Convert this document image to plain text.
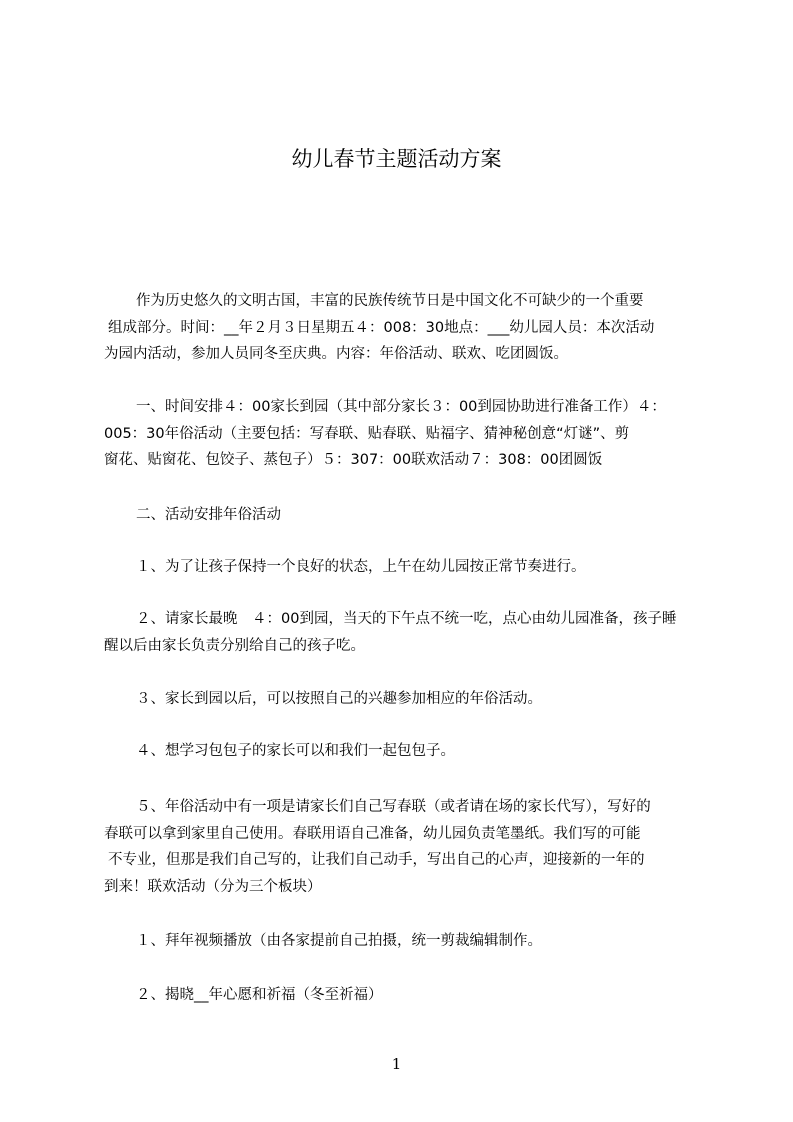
幼儿春节主题活动方案

作为历史悠久的文明古国，丰富的民族传统节日是中国文化不可缺少的一个重要
组成部分。时间：__年２月３日星期五４：008：30地点：___幼儿园人员：本次活动
为园内活动，参加人员同冬至庆典。内容：年俗活动、联欢、吃团圆饭。

一、时间安排４：00家长到园（其中部分家长３：00到园协助进行准备工作）４：
005：30年俗活动（主要包括：写春联、贴春联、贴福字、猜神秘创意“灯谜”、剪
窗花、贴窗花、包饺子、蒸包子）５：307：00联欢活动７：308：00团圆饭

二、活动安排年俗活动

１、为了让孩子保持一个良好的状态，上午在幼儿园按正常节奏进行。

２、请家长最晚　４：00到园，当天的下午点不统一吃，点心由幼儿园准备，孩子睡
醒以后由家长负责分别给自己的孩子吃。

３、家长到园以后，可以按照自己的兴趣参加相应的年俗活动。

４、想学习包包子的家长可以和我们一起包包子。

５、年俗活动中有一项是请家长们自己写春联（或者请在场的家长代写），写好的
春联可以拿到家里自己使用。春联用语自己准备，幼儿园负责笔墨纸。我们写的可能
不专业，但那是我们自己写的，让我们自己动手，写出自己的心声，迎接新的一年的
到来！联欢活动（分为三个板块）

１、拜年视频播放（由各家提前自己拍摄，统一剪裁编辑制作。

２、揭晓__年心愿和祈福（冬至祈福）

1
